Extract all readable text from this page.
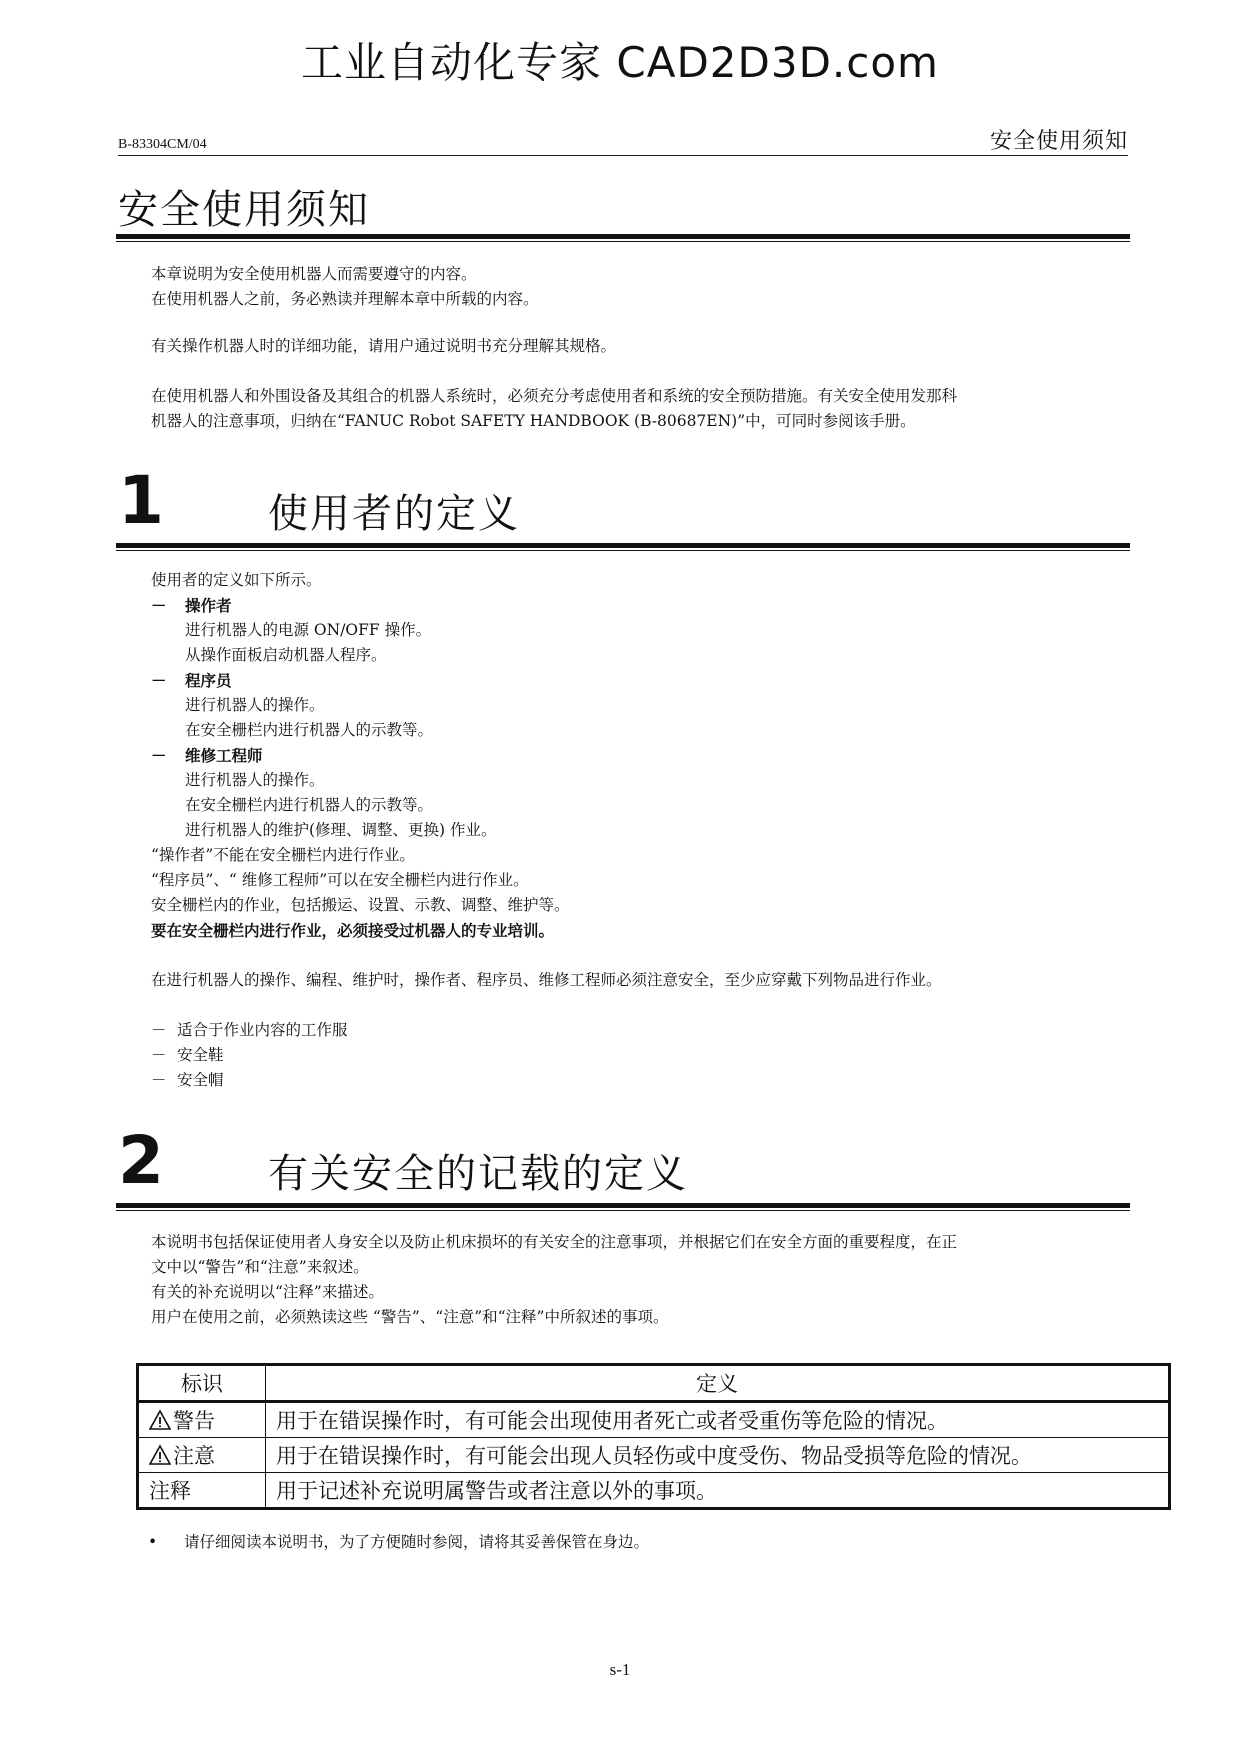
工业自动化专家 CAD2D3D.com
B-83304CM/04	安全使用须知
安全使用须知
本章说明为安全使用机器人而需要遵守的内容。
在使用机器人之前，务必熟读并理解本章中所载的内容。
有关操作机器人时的详细功能，请用户通过说明书充分理解其规格。
在使用机器人和外围设备及其组合的机器人系统时，必须充分考虑使用者和系统的安全预防措施。有关安全使用发那科
机器人的注意事项，归纳在“FANUC Robot SAFETY HANDBOOK (B-80687EN)”中，可同时参阅该手册。
1	使用者的定义
使用者的定义如下所示。
－ 操作者
进行机器人的电源 ON/OFF 操作。
从操作面板启动机器人程序。
－ 程序员
进行机器人的操作。
在安全栅栏内进行机器人的示教等。
－ 维修工程师
进行机器人的操作。
在安全栅栏内进行机器人的示教等。
进行机器人的维护(修理、调整、更换) 作业。
“操作者”不能在安全栅栏内进行作业。
“程序员”、“ 维修工程师”可以在安全栅栏内进行作业。
安全栅栏内的作业，包括搬运、设置、示教、调整、维护等。
要在安全栅栏内进行作业，必须接受过机器人的专业培训。
在进行机器人的操作、编程、维护时，操作者、程序员、维修工程师必须注意安全，至少应穿戴下列物品进行作业。
－ 适合于作业内容的工作服
－ 安全鞋
－ 安全帽
2	有关安全的记载的定义
本说明书包括保证使用者人身安全以及防止机床损坏的有关安全的注意事项，并根据它们在安全方面的重要程度，在正
文中以“警告”和“注意”来叙述。
有关的补充说明以“注释”来描述。
用户在使用之前，必须熟读这些 “警告”、“注意”和“注释”中所叙述的事项。
标识	定义
警告	用于在错误操作时，有可能会出现使用者死亡或者受重伤等危险的情况。
注意	用于在错误操作时，有可能会出现人员轻伤或中度受伤、物品受损等危险的情况。
注释	用于记述补充说明属警告或者注意以外的事项。
• 请仔细阅读本说明书，为了方便随时参阅，请将其妥善保管在身边。
s-1
